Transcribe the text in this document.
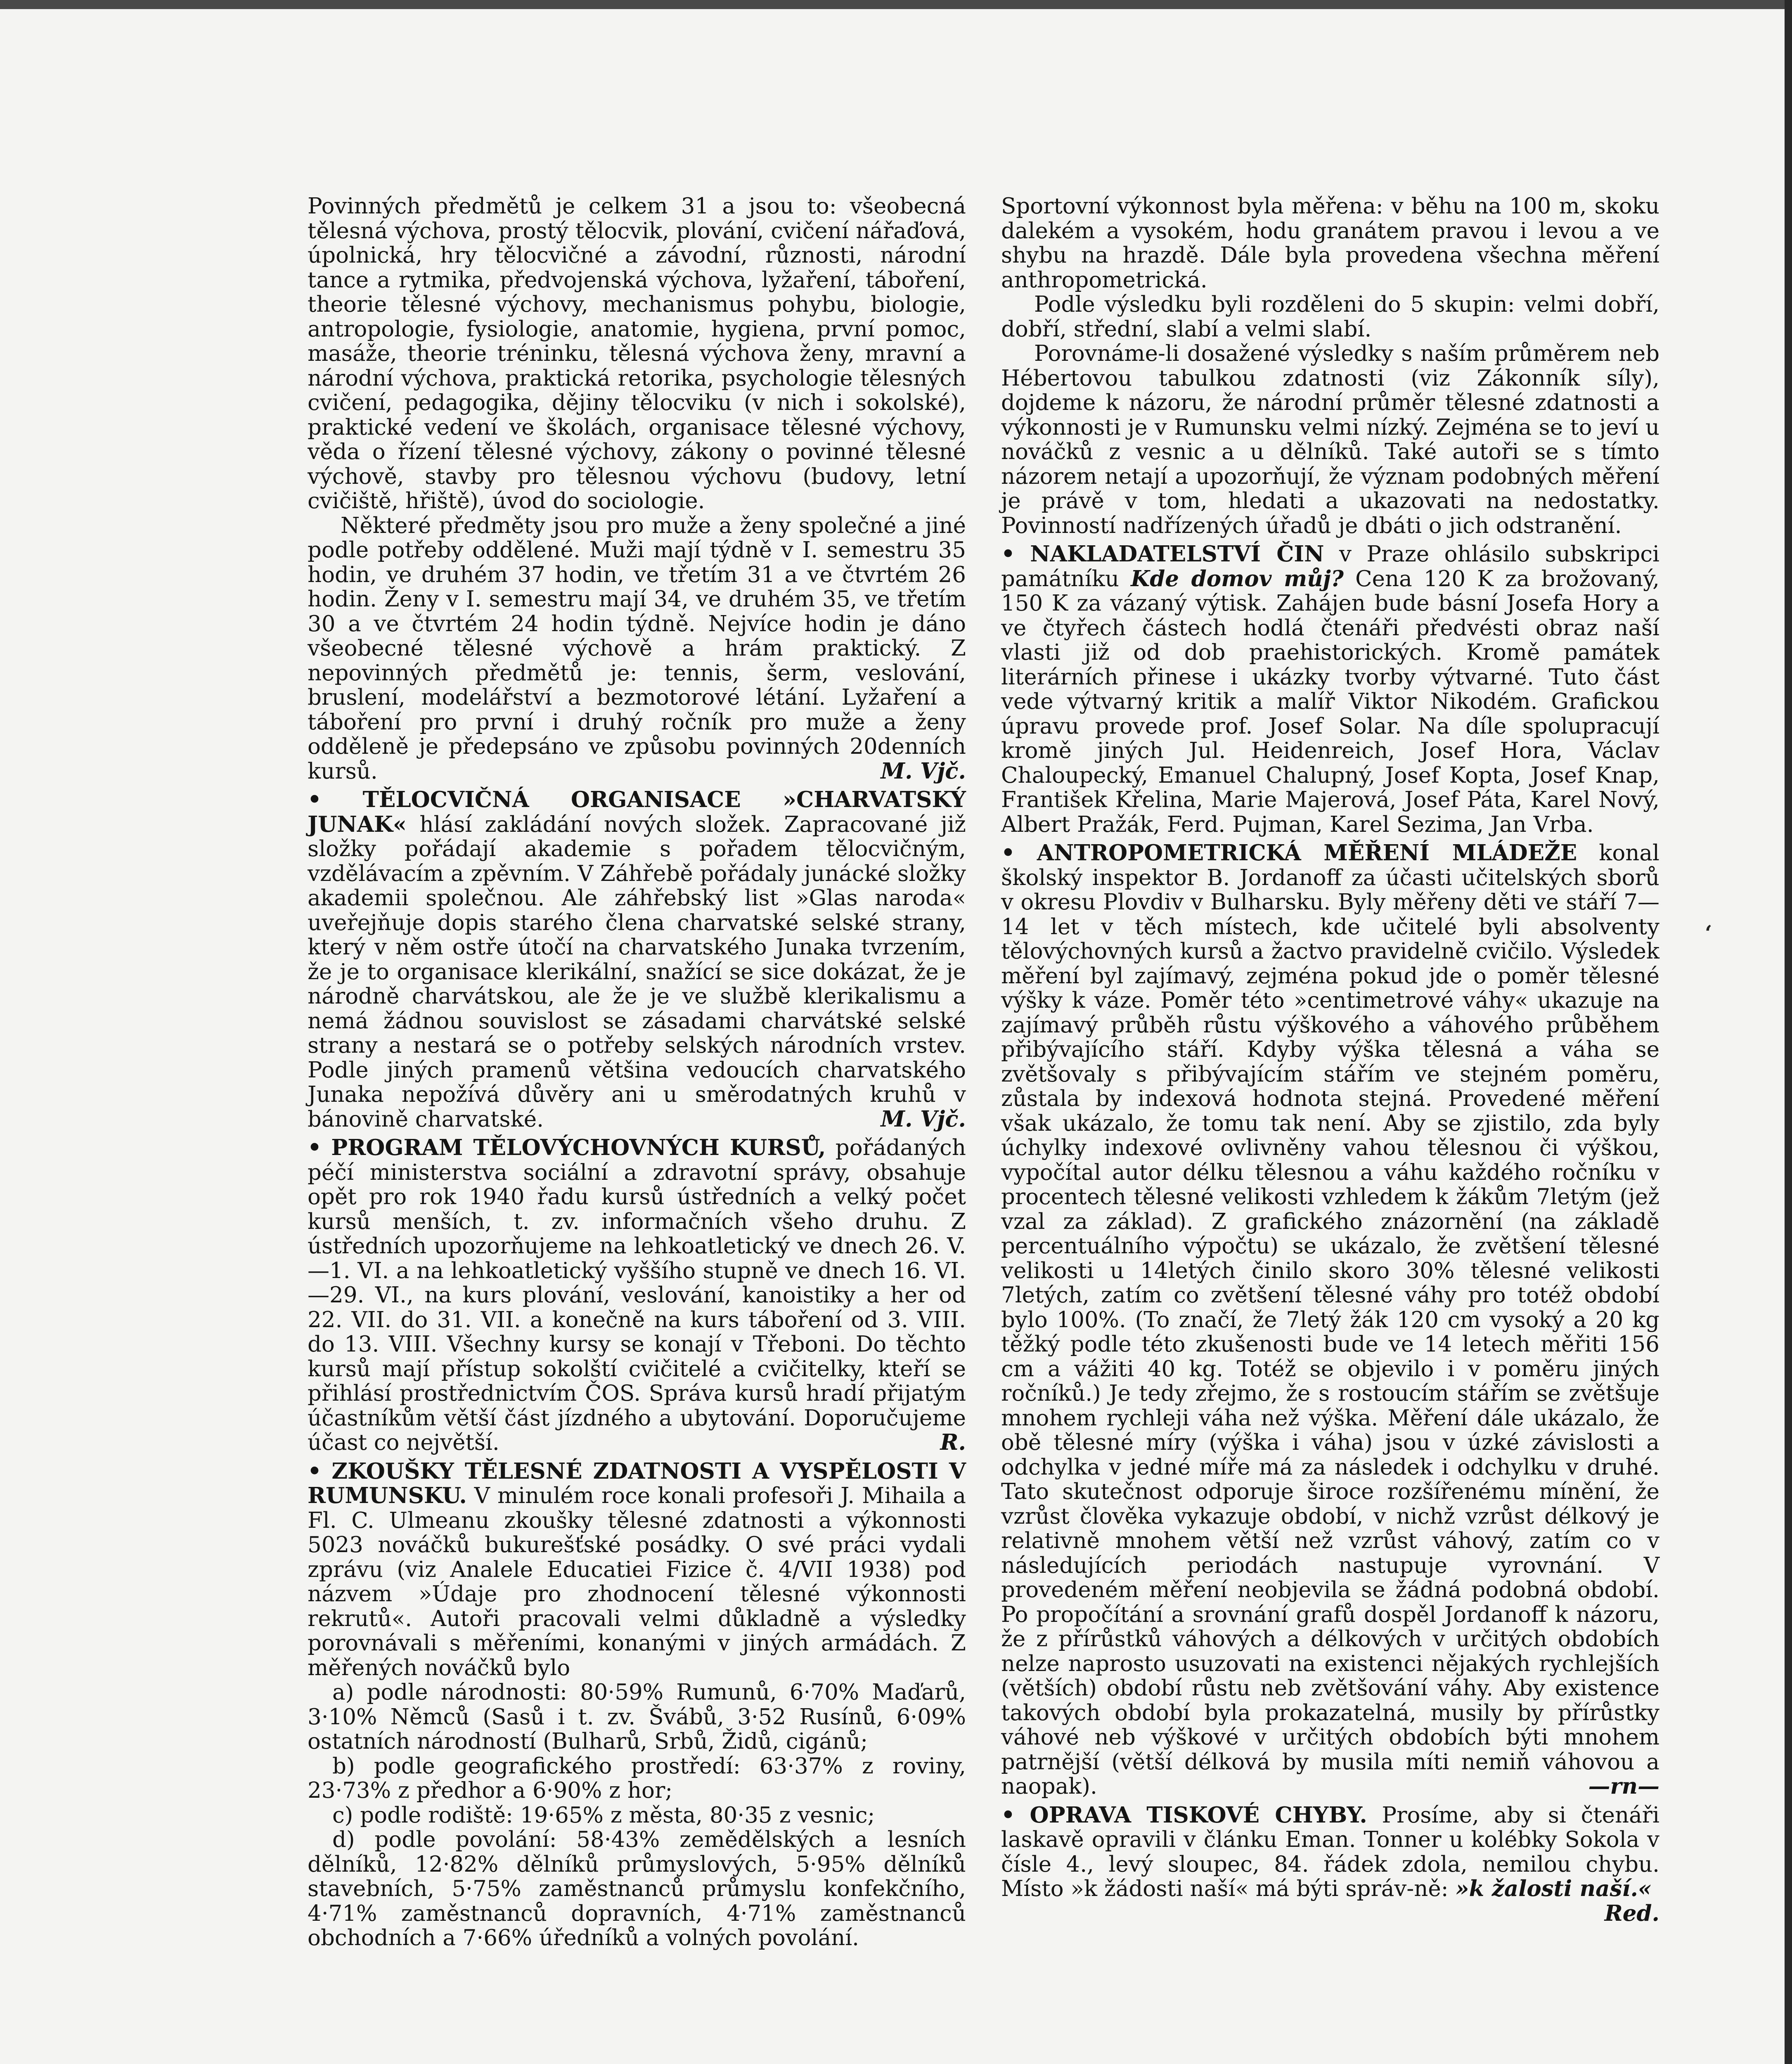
Povinných předmětů je celkem 31 a jsou to: všeobecná tělesná výchova, prostý tělocvik, plování, cvičení nářaďová, úpolnická, hry tělocvičné a závodní, různosti, národní tance a rytmika, předvojenská výchova, lyžaření, táboření, theorie tělesné výchovy, mechanismus pohybu, biologie, antropologie, fysiologie, anatomie, hygiena, první pomoc, masáže, theorie tréninku, tělesná výchova ženy, mravní a národní výchova, praktická retorika, psychologie tělesných cvičení, pedagogika, dějiny tělocviku (v nich i sokolské), praktické vedení ve školách, organisace tělesné výchovy, věda o řízení tělesné výchovy, zákony o povinné tělesné výchově, stavby pro tělesnou výchovu (budovy, letní cvičiště, hřiště), úvod do sociologie.

Některé předměty jsou pro muže a ženy společné a jiné podle potřeby oddělené. Muži mají týdně v I. semestru 35 hodin, ve druhém 37 hodin, ve třetím 31 a ve čtvrtém 26 hodin. Ženy v I. semestru mají 34, ve druhém 35, ve třetím 30 a ve čtvrtém 24 hodin týdně. Nejvíce hodin je dáno všeobecné tělesné výchově a hrám praktický. Z nepovinných předmětů je: tennis, šerm, veslování, bruslení, modelářství a bezmotorové létání. Lyžaření a táboření pro první i druhý ročník pro muže a ženy odděleně je předepsáno ve způsobu povinných 20denních kursů.	M. Vjč.

• TĚLOCVIČNÁ ORGANISACE »CHARVATSKÝ JUNAK« hlásí zakládání nových složek. Zapracované již složky pořádají akademie s pořadem tělocvičným, vzdělávacím a zpěvním. V Záhřebě pořádaly junácké složky akademii společnou. Ale záhřebský list »Glas naroda« uveřejňuje dopis starého člena charvatské selské strany, který v něm ostře útočí na charvatského Junaka tvrzením, že je to organisace klerikální, snažící se sice dokázat, že je národně charvátskou, ale že je ve službě klerikalismu a nemá žádnou souvislost se zásadami charvátské selské strany a nestará se o potřeby selských národních vrstev. Podle jiných pramenů většina vedoucích charvatského Junaka nepožívá důvěry ani u směrodatných kruhů v bánovině charvatské.	M. Vjč.

• PROGRAM TĚLOVÝCHOVNÝCH KURSŮ, pořádaných péčí ministerstva sociální a zdravotní správy, obsahuje opět pro rok 1940 řadu kursů ústředních a velký počet kursů menších, t. zv. informačních všeho druhu. Z ústředních upozorňujeme na lehkoatletický ve dnech 26. V.—1. VI. a na lehkoatletický vyššího stupně ve dnech 16. VI.—29. VI., na kurs plování, veslování, kanoistiky a her od 22. VII. do 31. VII. a konečně na kurs táboření od 3. VIII. do 13. VIII. Všechny kursy se konají v Třeboni. Do těchto kursů mají přístup sokolští cvičitelé a cvičitelky, kteří se přihlásí prostřednictvím ČOS. Správa kursů hradí přijatým účastníkům větší část jízdného a ubytování. Doporučujeme účast co největší.	R.

• ZKOUŠKY TĚLESNÉ ZDATNOSTI A VYSPĚLOSTI V RUMUNSKU. V minulém roce konali profesoři J. Mihaila a Fl. C. Ulmeanu zkoušky tělesné zdatnosti a výkonnosti 5023 nováčků bukurešťské posádky. O své práci vydali zprávu (viz Analele Educatiei Fizice č. 4/VII 1938) pod názvem »Údaje pro zhodnocení tělesné výkonnosti rekrutů«. Autoři pracovali velmi důkladně a výsledky porovnávali s měřeními, konanými v jiných armádách. Z měřených nováčků bylo

a) podle národnosti: 80·59% Rumunů, 6·70% Maďarů, 3·10% Němců (Sasů i t. zv. Švábů, 3·52 Rusínů, 6·09% ostatních národností (Bulharů, Srbů, Židů, cigánů;

b) podle geografického prostředí: 63·37% z roviny, 23·73% z předhor a 6·90% z hor;

c) podle rodiště: 19·65% z města, 80·35 z vesnic;

d) podle povolání: 58·43% zemědělských a lesních dělníků, 12·82% dělníků průmyslových, 5·95% dělníků stavebních, 5·75% zaměstnanců průmyslu konfekčního, 4·71% zaměstnanců dopravních, 4·71% zaměstnanců obchodních a 7·66% úředníků a volných povolání.

Sportovní výkonnost byla měřena: v běhu na 100 m, skoku dalekém a vysokém, hodu granátem pravou i levou a ve shybu na hrazdě. Dále byla provedena všechna měření anthropometrická.

Podle výsledku byli rozděleni do 5 skupin: velmi dobří, dobří, střední, slabí a velmi slabí.

Porovnáme-li dosažené výsledky s naším průměrem neb Hébertovou tabulkou zdatnosti (viz Zákonník síly), dojdeme k názoru, že národní průměr tělesné zdatnosti a výkonnosti je v Rumunsku velmi nízký. Zejména se to jeví u nováčků z vesnic a u dělníků. Také autoři se s tímto názorem netají a upozorňují, že význam podobných měření je právě v tom, hledati a ukazovati na nedostatky. Povinností nadřízených úřadů je dbáti o jich odstranění.

• NAKLADATELSTVÍ ČIN v Praze ohlásilo subskripci památníku Kde domov můj? Cena 120 K za brožovaný, 150 K za vázaný výtisk. Zahájen bude básní Josefa Hory a ve čtyřech částech hodlá čtenáři předvésti obraz naší vlasti již od dob praehistorických. Kromě památek literárních přinese i ukázky tvorby výtvarné. Tuto část vede výtvarný kritik a malíř Viktor Nikodém. Grafickou úpravu provede prof. Josef Solar. Na díle spolupracují kromě jiných Jul. Heidenreich, Josef Hora, Václav Chaloupecký, Emanuel Chalupný, Josef Kopta, Josef Knap, František Křelina, Marie Majerová, Josef Páta, Karel Nový, Albert Pražák, Ferd. Pujman, Karel Sezima, Jan Vrba.

• ANTROPOMETRICKÁ MĚŘENÍ MLÁDEŽE konal školský inspektor B. Jordanoff za účasti učitelských sborů v okresu Plovdiv v Bulharsku. Byly měřeny děti ve stáří 7—14 let v těch místech, kde učitelé byli absolventy tělovýchovných kursů a žactvo pravidelně cvičilo. Výsledek měření byl zajímavý, zejména pokud jde o poměr tělesné výšky k váze. Poměr této »centimetrové váhy« ukazuje na zajímavý průběh růstu výškového a váhového průběhem přibývajícího stáří. Kdyby výška tělesná a váha se zvětšovaly s přibývajícím stářím ve stejném poměru, zůstala by indexová hodnota stejná. Provedené měření však ukázalo, že tomu tak není. Aby se zjistilo, zda byly úchylky indexové ovlivněny vahou tělesnou či výškou, vypočítal autor délku tělesnou a váhu každého ročníku v procentech tělesné velikosti vzhledem k žákům 7letým (jež vzal za základ). Z grafického znázornění (na základě percentuálního výpočtu) se ukázalo, že zvětšení tělesné velikosti u 14letých činilo skoro 30% tělesné velikosti 7letých, zatím co zvětšení tělesné váhy pro totéž období bylo 100%. (To značí, že 7letý žák 120 cm vysoký a 20 kg těžký podle této zkušenosti bude ve 14 letech měřiti 156 cm a vážiti 40 kg. Totéž se objevilo i v poměru jiných ročníků.) Je tedy zřejmo, že s rostoucím stářím se zvětšuje mnohem rychleji váha než výška. Měření dále ukázalo, že obě tělesné míry (výška i váha) jsou v úzké závislosti a odchylka v jedné míře má za následek i odchylku v druhé. Tato skutečnost odporuje široce rozšířenému mínění, že vzrůst člověka vykazuje období, v nichž vzrůst délkový je relativně mnohem větší než vzrůst váhový, zatím co v následujících periodách nastupuje vyrovnání. V provedeném měření neobjevila se žádná podobná období. Po propočítání a srovnání grafů dospěl Jordanoff k názoru, že z přírůstků váhových a délkových v určitých obdobích nelze naprosto usuzovati na existenci nějakých rychlejších (větších) období růstu neb zvětšování váhy. Aby existence takových období byla prokazatelná, musily by přírůstky váhové neb výškové v určitých obdobích býti mnohem patrnější (větší délková by musila míti nemiň váhovou a naopak).	—rn—

• OPRAVA TISKOVÉ CHYBY. Prosíme, aby si čtenáři laskavě opravili v článku Eman. Tonner u kolébky Sokola v čísle 4., levý sloupec, 84. řádek zdola, nemilou chybu. Místo »k žádosti naší« má býti správ-ně: »k žalosti naší.«
Red.

‘
